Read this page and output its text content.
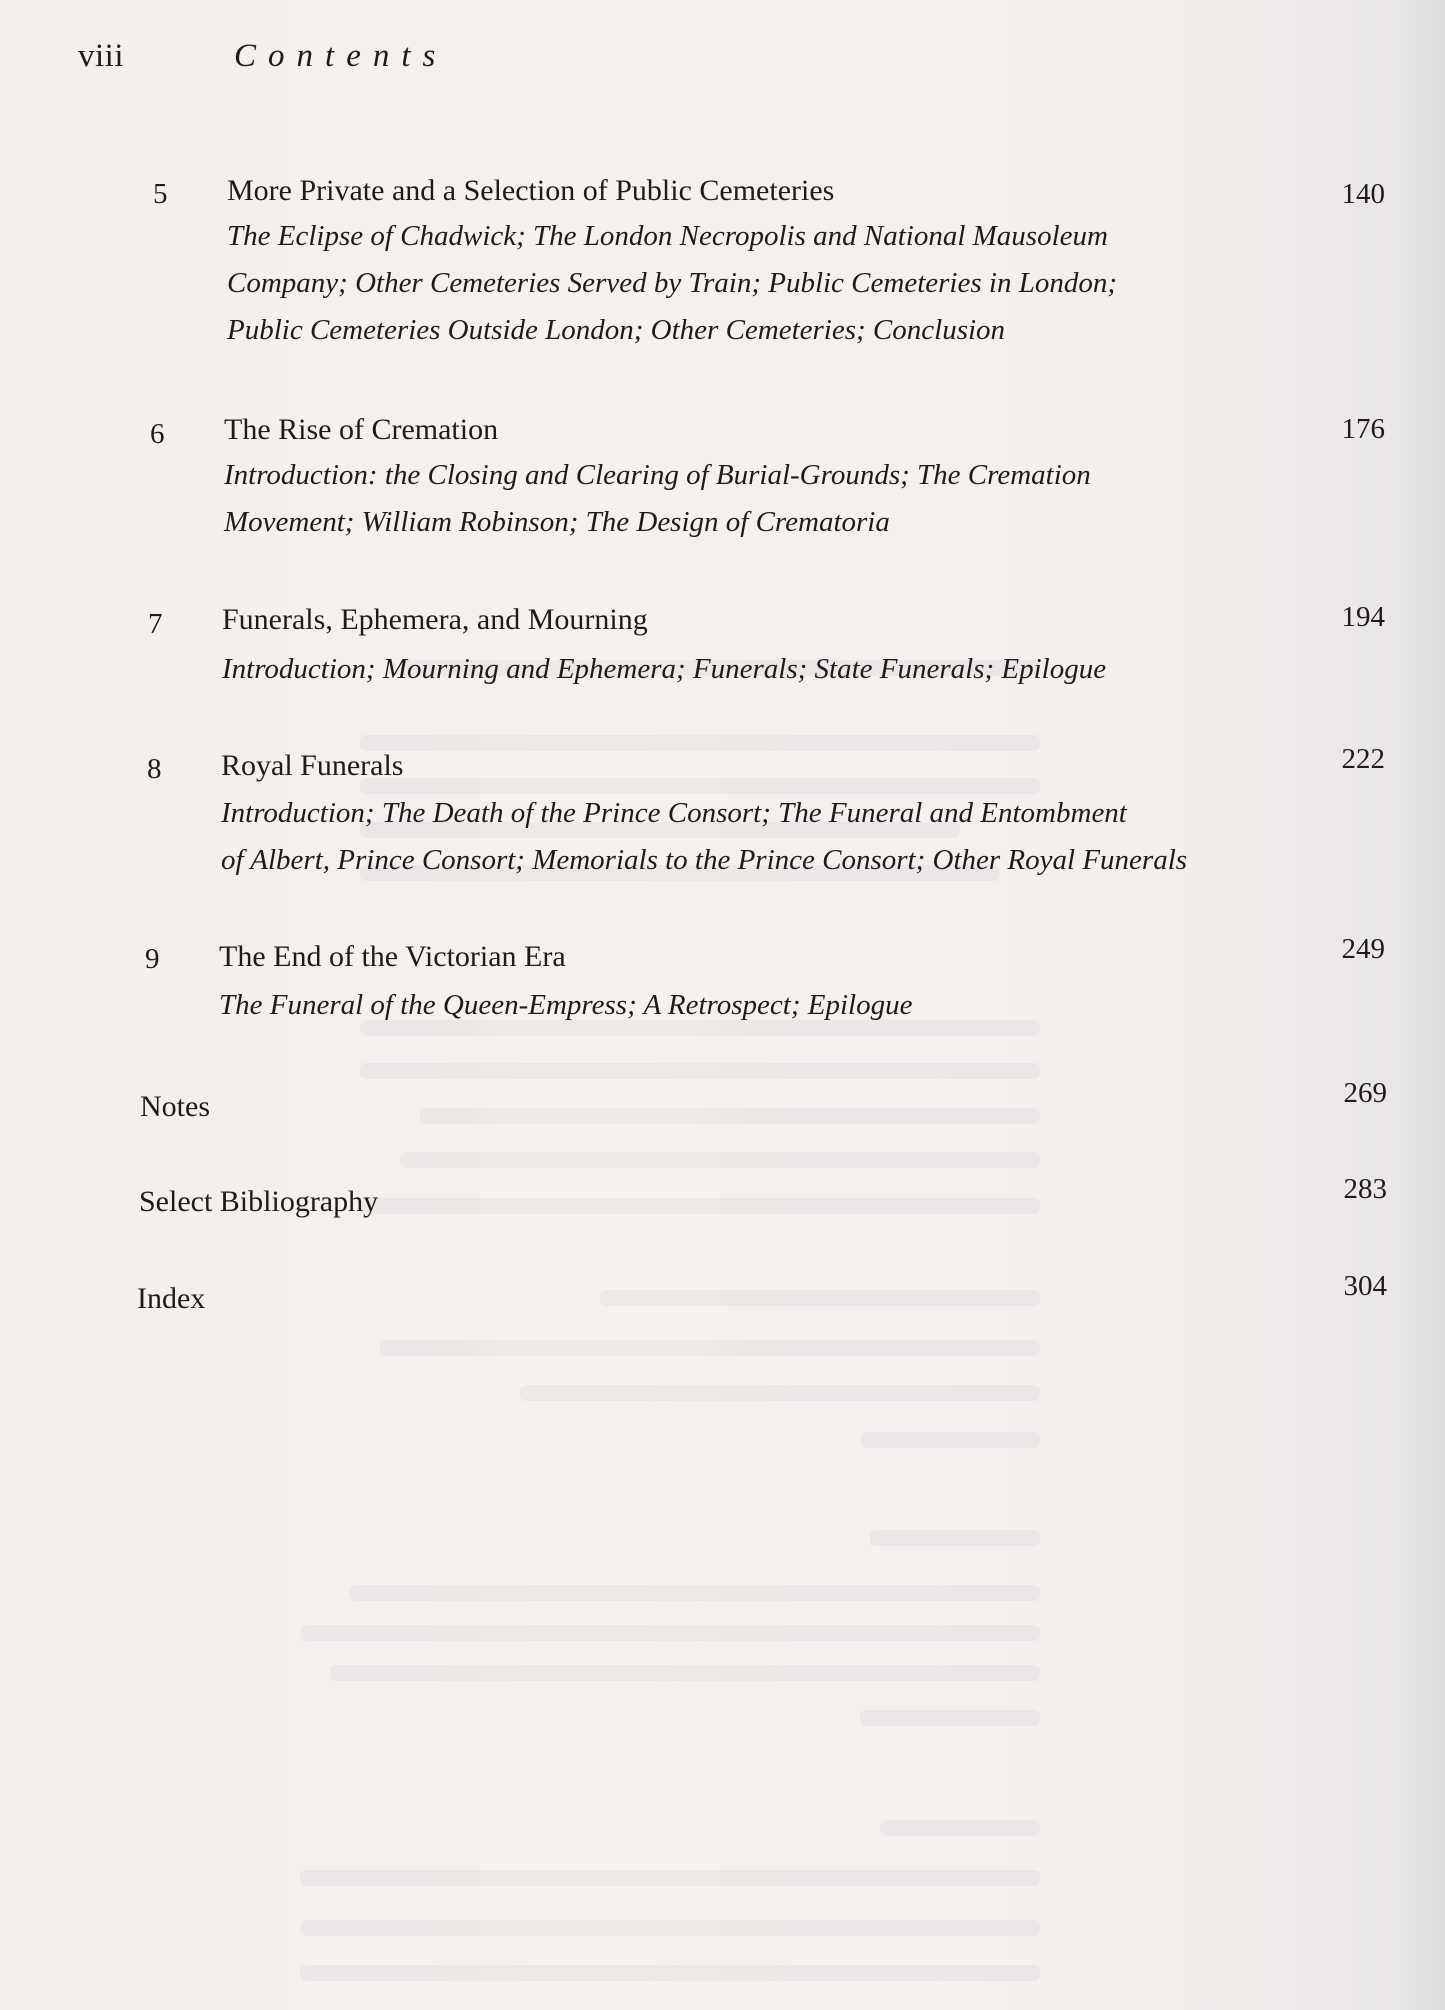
viii	Contents
5 More Private and a Selection of Public Cemeteries	140
The Eclipse of Chadwick; The London Necropolis and National Mausoleum
Company; Other Cemeteries Served by Train; Public Cemeteries in London;
Public Cemeteries Outside London; Other Cemeteries; Conclusion
6 The Rise of Cremation	176
Introduction: the Closing and Clearing of Burial-Grounds; The Cremation
Movement; William Robinson; The Design of Crematoria
7 Funerals, Ephemera, and Mourning	194
Introduction; Mourning and Ephemera; Funerals; State Funerals; Epilogue
8 Royal Funerals	222
Introduction; The Death of the Prince Consort; The Funeral and Entombment
of Albert, Prince Consort; Memorials to the Prince Consort; Other Royal Funerals
9 The End of the Victorian Era	249
The Funeral of the Queen-Empress; A Retrospect; Epilogue
Notes	269
Select Bibliography	283
Index	304
